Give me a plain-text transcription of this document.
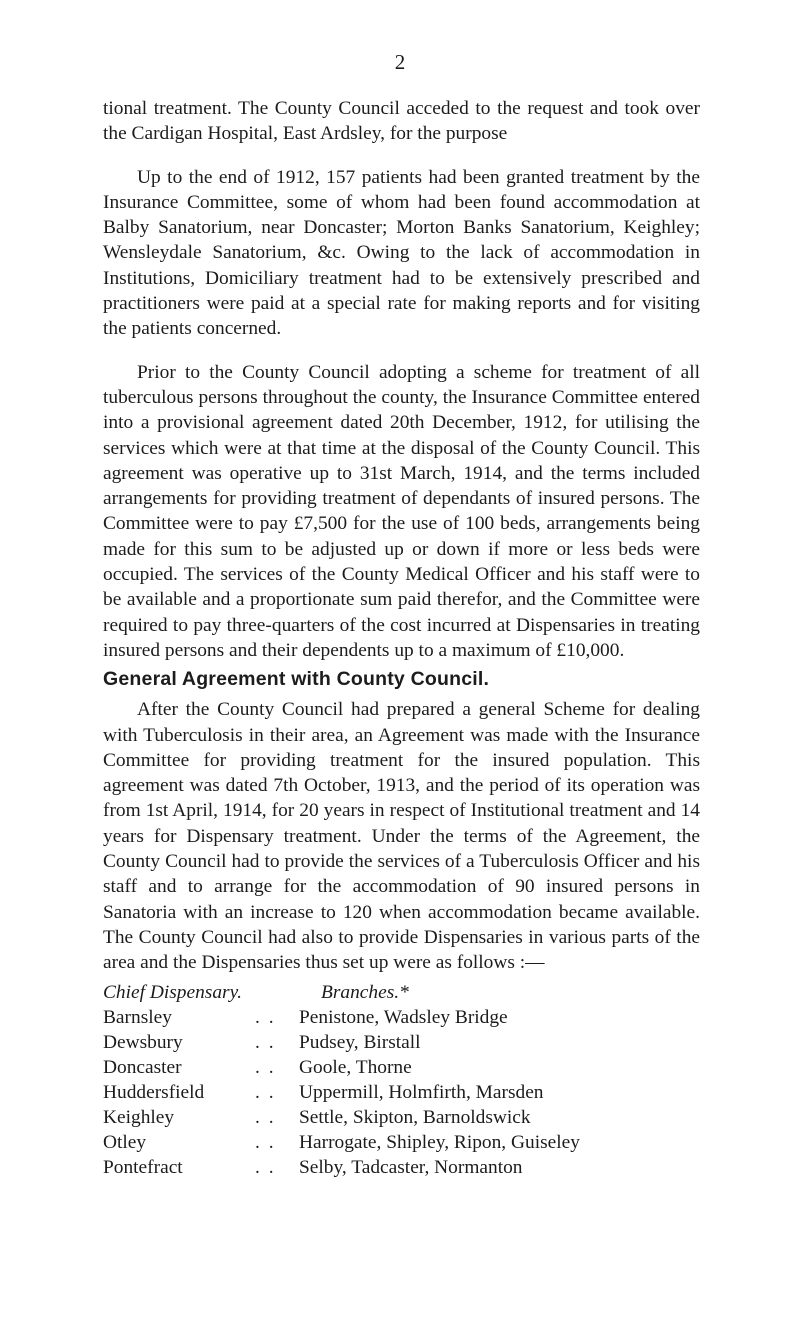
2

tional treatment. The County Council acceded to the request and took over the Cardigan Hospital, East Ardsley, for the purpose

Up to the end of 1912, 157 patients had been granted treatment by the Insurance Committee, some of whom had been found accommodation at Balby Sanatorium, near Doncaster; Morton Banks Sanatorium, Keighley; Wensleydale Sanatorium, &c. Owing to the lack of accommodation in Institutions, Domiciliary treatment had to be extensively prescribed and practitioners were paid at a special rate for making reports and for visiting the patients concerned.

Prior to the County Council adopting a scheme for treatment of all tuberculous persons throughout the county, the Insurance Committee entered into a provisional agreement dated 20th December, 1912, for utilising the services which were at that time at the disposal of the County Council. This agreement was operative up to 31st March, 1914, and the terms included arrangements for providing treatment of dependants of insured persons. The Committee were to pay £7,500 for the use of 100 beds, arrangements being made for this sum to be adjusted up or down if more or less beds were occupied. The services of the County Medical Officer and his staff were to be available and a proportionate sum paid therefor, and the Committee were required to pay three-quarters of the cost incurred at Dispensaries in treating insured persons and their dependents up to a maximum of £10,000.

General Agreement with County Council.

After the County Council had prepared a general Scheme for dealing with Tuberculosis in their area, an Agreement was made with the Insurance Committee for providing treatment for the insured population. This agreement was dated 7th October, 1913, and the period of its operation was from 1st April, 1914, for 20 years in respect of Institutional treatment and 14 years for Dispensary treatment. Under the terms of the Agreement, the County Council had to provide the services of a Tuberculosis Officer and his staff and to arrange for the accommodation of 90 insured persons in Sanatoria with an increase to 120 when accommodation became available. The County Council had also to provide Dispensaries in various parts of the area and the Dispensaries thus set up were as follows :—

Chief Dispensary.	Branches.*
Barnsley	. .	Penistone, Wadsley Bridge
Dewsbury	. .	Pudsey, Birstall
Doncaster	. .	Goole, Thorne
Huddersfield	. .	Uppermill, Holmfirth, Marsden
Keighley	. .	Settle, Skipton, Barnoldswick
Otley	. .	Harrogate, Shipley, Ripon, Guiseley
Pontefract	. .	Selby, Tadcaster, Normanton
